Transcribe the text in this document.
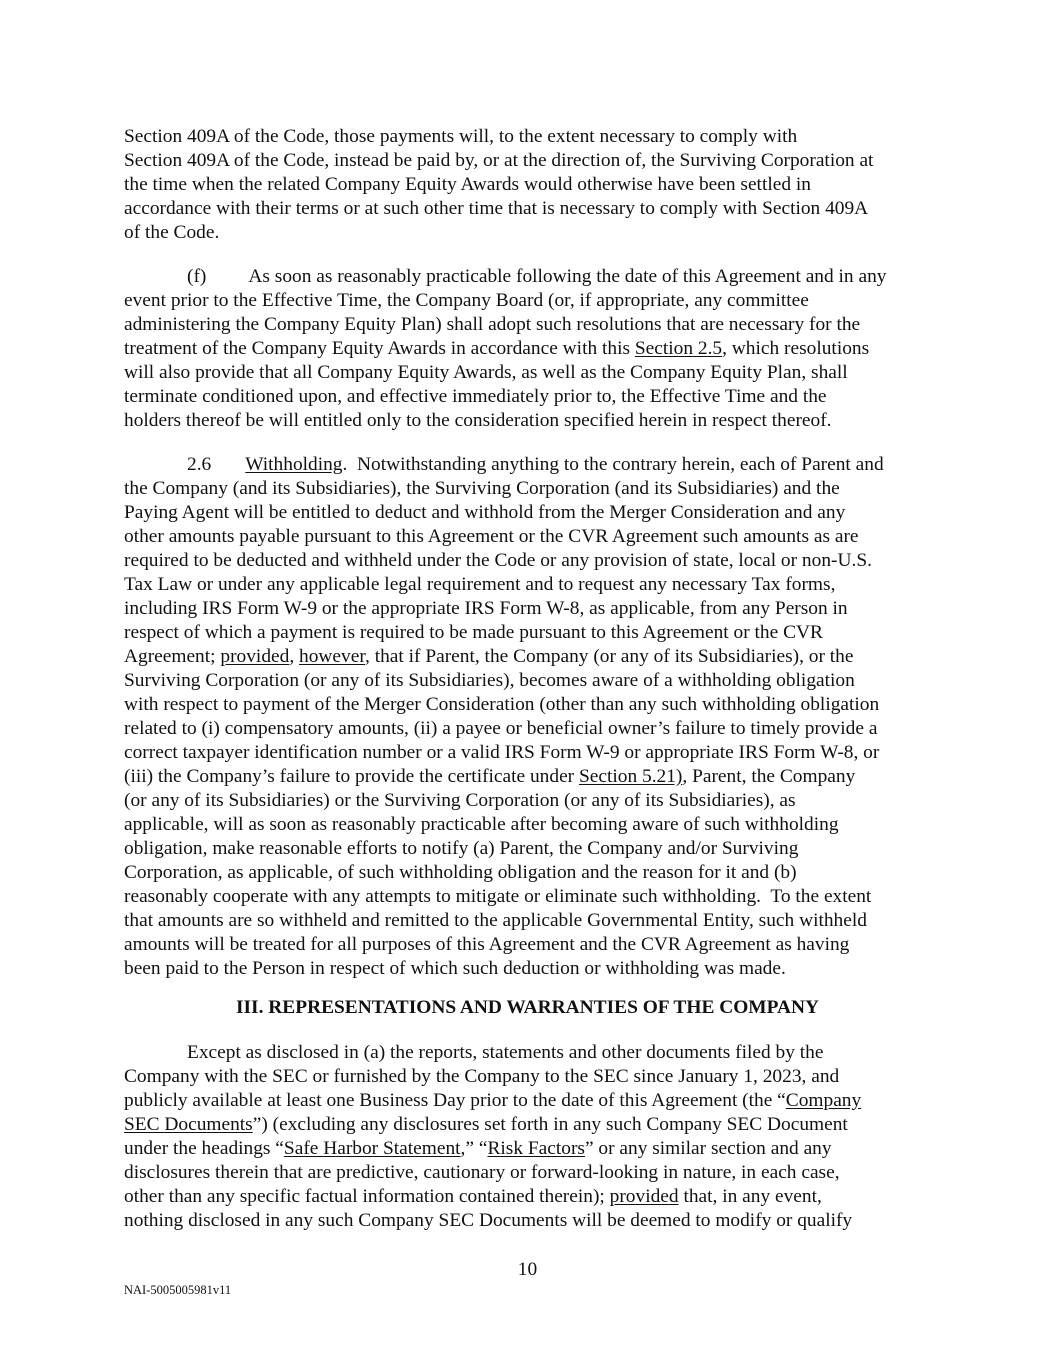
Section 409A of the Code, those payments will, to the extent necessary to comply with
Section 409A of the Code, instead be paid by, or at the direction of, the Surviving Corporation at
the time when the related Company Equity Awards would otherwise have been settled in
accordance with their terms or at such other time that is necessary to comply with Section 409A
of the Code.
(f) As soon as reasonably practicable following the date of this Agreement and in any
event prior to the Effective Time, the Company Board (or, if appropriate, any committee
administering the Company Equity Plan) shall adopt such resolutions that are necessary for the
treatment of the Company Equity Awards in accordance with this Section 2.5, which resolutions
will also provide that all Company Equity Awards, as well as the Company Equity Plan, shall
terminate conditioned upon, and effective immediately prior to, the Effective Time and the
holders thereof be will entitled only to the consideration specified herein in respect thereof.
2.6 Withholding.  Notwithstanding anything to the contrary herein, each of Parent and
the Company (and its Subsidiaries), the Surviving Corporation (and its Subsidiaries) and the
Paying Agent will be entitled to deduct and withhold from the Merger Consideration and any
other amounts payable pursuant to this Agreement or the CVR Agreement such amounts as are
required to be deducted and withheld under the Code or any provision of state, local or non-U.S.
Tax Law or under any applicable legal requirement and to request any necessary Tax forms,
including IRS Form W-9 or the appropriate IRS Form W-8, as applicable, from any Person in
respect of which a payment is required to be made pursuant to this Agreement or the CVR
Agreement; provided, however, that if Parent, the Company (or any of its Subsidiaries), or the
Surviving Corporation (or any of its Subsidiaries), becomes aware of a withholding obligation
with respect to payment of the Merger Consideration (other than any such withholding obligation
related to (i) compensatory amounts, (ii) a payee or beneficial owner’s failure to timely provide a
correct taxpayer identification number or a valid IRS Form W-9 or appropriate IRS Form W-8, or
(iii) the Company’s failure to provide the certificate under Section 5.21), Parent, the Company
(or any of its Subsidiaries) or the Surviving Corporation (or any of its Subsidiaries), as
applicable, will as soon as reasonably practicable after becoming aware of such withholding
obligation, make reasonable efforts to notify (a) Parent, the Company and/or Surviving
Corporation, as applicable, of such withholding obligation and the reason for it and (b)
reasonably cooperate with any attempts to mitigate or eliminate such withholding.  To the extent
that amounts are so withheld and remitted to the applicable Governmental Entity, such withheld
amounts will be treated for all purposes of this Agreement and the CVR Agreement as having
been paid to the Person in respect of which such deduction or withholding was made.
III. REPRESENTATIONS AND WARRANTIES OF THE COMPANY
Except as disclosed in (a) the reports, statements and other documents filed by the
Company with the SEC or furnished by the Company to the SEC since January 1, 2023, and
publicly available at least one Business Day prior to the date of this Agreement (the “Company
SEC Documents”) (excluding any disclosures set forth in any such Company SEC Document
under the headings “Safe Harbor Statement,” “Risk Factors” or any similar section and any
disclosures therein that are predictive, cautionary or forward-looking in nature, in each case,
other than any specific factual information contained therein); provided that, in any event,
nothing disclosed in any such Company SEC Documents will be deemed to modify or qualify
10
NAI-5005005981v11
